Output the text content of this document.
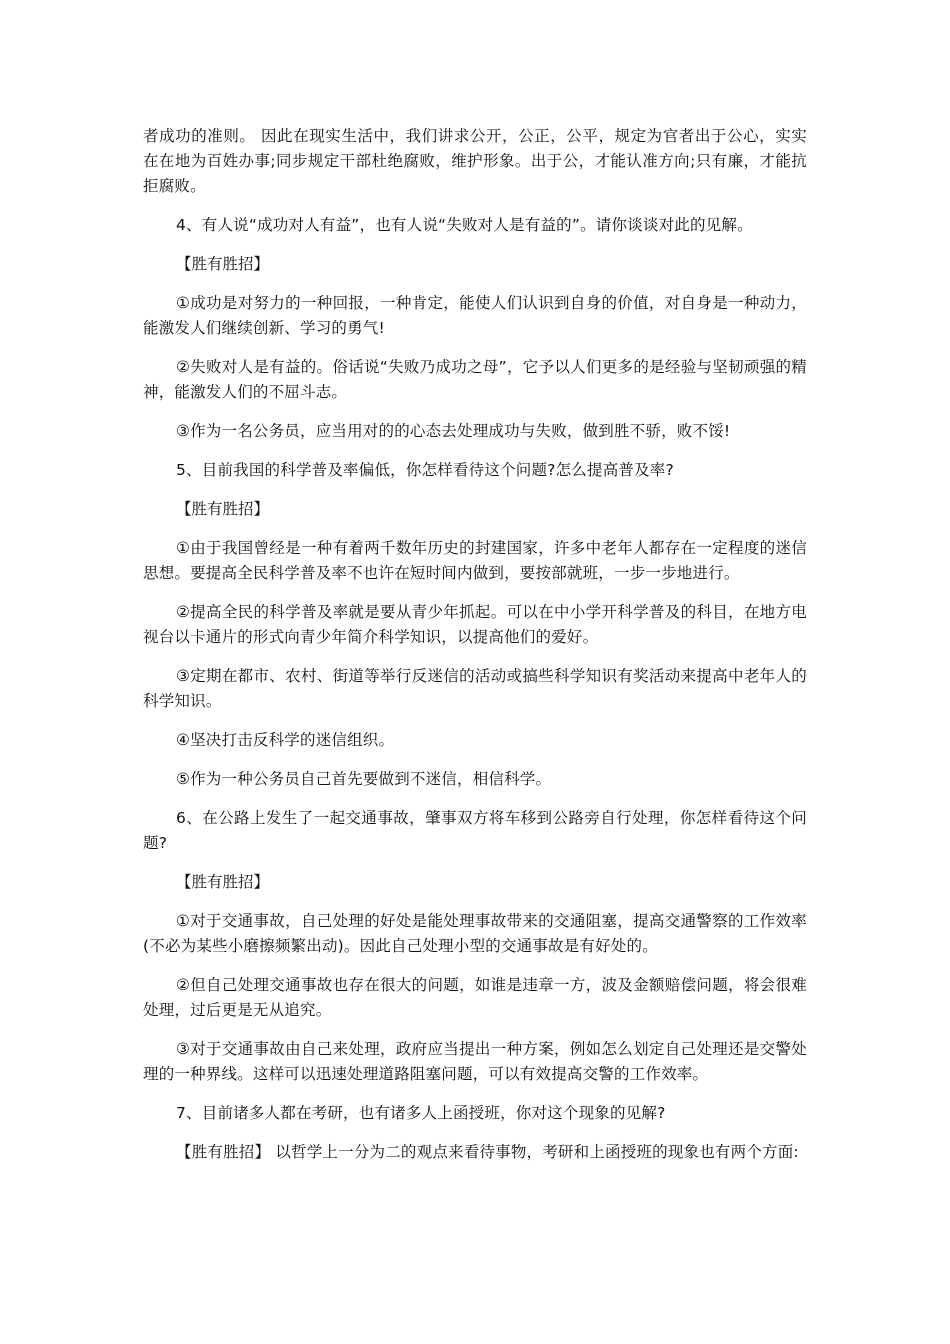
者成功的准则。 因此在现实生活中，我们讲求公开，公正，公平，规定为官者出于公心，实实在在地为百姓办事;同步规定干部杜绝腐败，维护形象。出于公，才能认准方向;只有廉，才能抗拒腐败。

4、有人说“成功对人有益”，也有人说“失败对人是有益的”。请你谈谈对此的见解。

【胜有胜招】

①成功是对努力的一种回报，一种肯定，能使人们认识到自身的价值，对自身是一种动力，能激发人们继续创新、学习的勇气!

②失败对人是有益的。俗话说“失败乃成功之母”，它予以人们更多的是经验与坚韧顽强的精神，能激发人们的不屈斗志。

③作为一名公务员，应当用对的的心态去处理成功与失败，做到胜不骄，败不馁!

5、目前我国的科学普及率偏低，你怎样看待这个问题?怎么提高普及率?

【胜有胜招】

①由于我国曾经是一种有着两千数年历史的封建国家，许多中老年人都存在一定程度的迷信思想。要提高全民科学普及率不也许在短时间内做到，要按部就班，一步一步地进行。

②提高全民的科学普及率就是要从青少年抓起。可以在中小学开科学普及的科目，在地方电视台以卡通片的形式向青少年简介科学知识，以提高他们的爱好。

③定期在都市、农村、街道等举行反迷信的活动或搞些科学知识有奖活动来提高中老年人的科学知识。

④坚决打击反科学的迷信组织。

⑤作为一种公务员自己首先要做到不迷信，相信科学。

6、在公路上发生了一起交通事故，肇事双方将车移到公路旁自行处理，你怎样看待这个问题?

【胜有胜招】

①对于交通事故，自己处理的好处是能处理事故带来的交通阻塞，提高交通警察的工作效率(不必为某些小磨擦频繁出动)。因此自己处理小型的交通事故是有好处的。

②但自己处理交通事故也存在很大的问题，如谁是违章一方，波及金额赔偿问题，将会很难处理，过后更是无从追究。

③对于交通事故由自己来处理，政府应当提出一种方案，例如怎么划定自己处理还是交警处理的一种界线。这样可以迅速处理道路阻塞问题，可以有效提高交警的工作效率。

7、目前诸多人都在考研，也有诸多人上函授班，你对这个现象的见解?

【胜有胜招】 以哲学上一分为二的观点来看待事物，考研和上函授班的现象也有两个方面:
